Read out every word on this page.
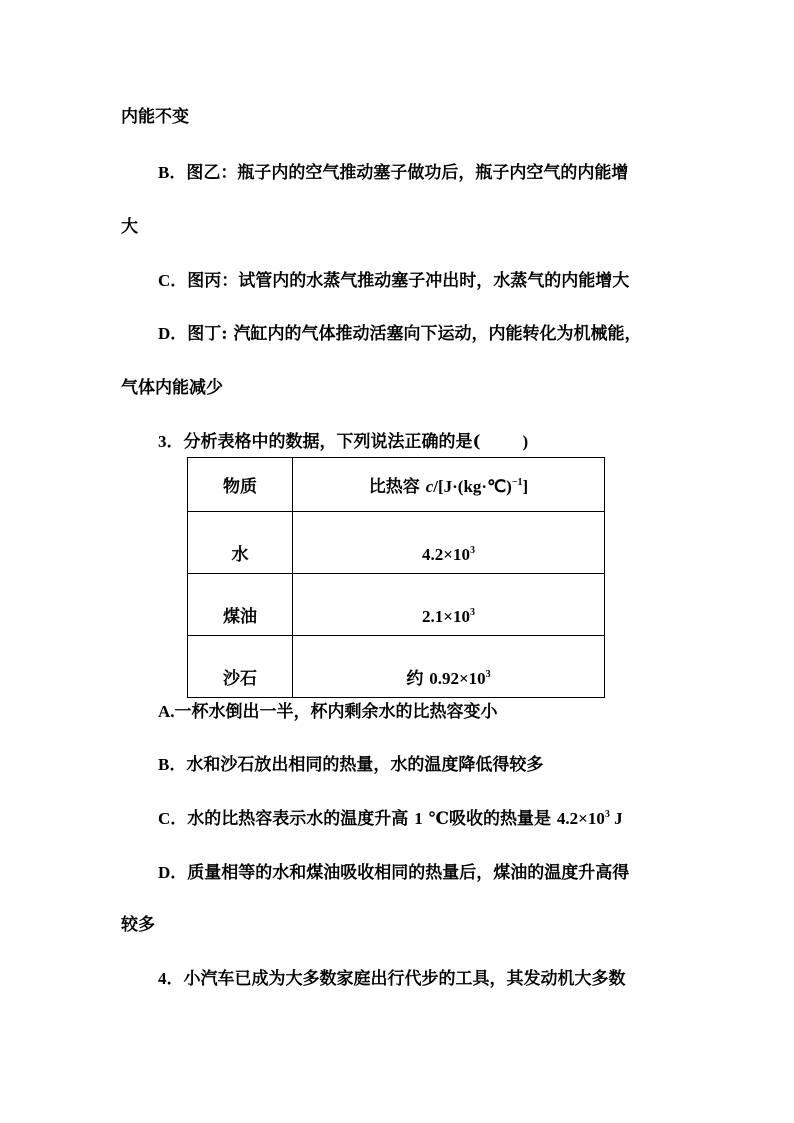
内能不变
B．图乙：瓶子内的空气推动塞子做功后，瓶子内空气的内能增
大
C．图丙：试管内的水蒸气推动塞子冲出时，水蒸气的内能增大
D．图丁: 汽缸内的气体推动活塞向下运动，内能转化为机械能，
气体内能减少
3．分析表格中的数据，下列说法正确的是( )
物质	比热容 c/[J·(kg·℃)$^{-1}$]
水	$4.2\times 10^3$
煤油	$2.1\times 10^3$
沙石	约 $0.92\times 10^3$
A.一杯水倒出一半，杯内剩余水的比热容变小
B．水和沙石放出相同的热量，水的温度降低得较多
C．水的比热容表示水的温度升高 1 ℃吸收的热量是 $4.2\times 10^3$ J
D．质量相等的水和煤油吸收相同的热量后，煤油的温度升高得
较多
4．小汽车已成为大多数家庭出行代步的工具，其发动机大多数
